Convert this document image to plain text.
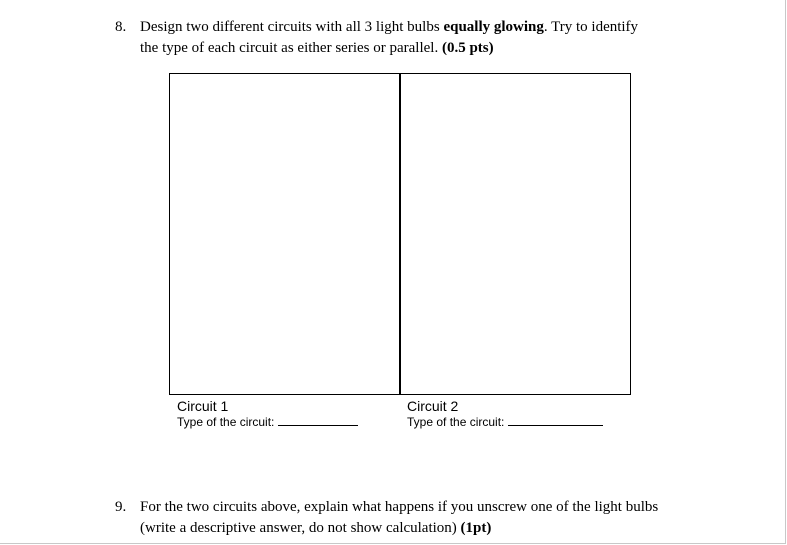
8. Design two different circuits with all 3 light bulbs equally glowing. Try to identify
the type of each circuit as either series or parallel. (0.5 pts)
Circuit 1
Type of the circuit:
Circuit 2
Type of the circuit:
9. For the two circuits above, explain what happens if you unscrew one of the light bulbs
(write a descriptive answer, do not show calculation) (1pt)
